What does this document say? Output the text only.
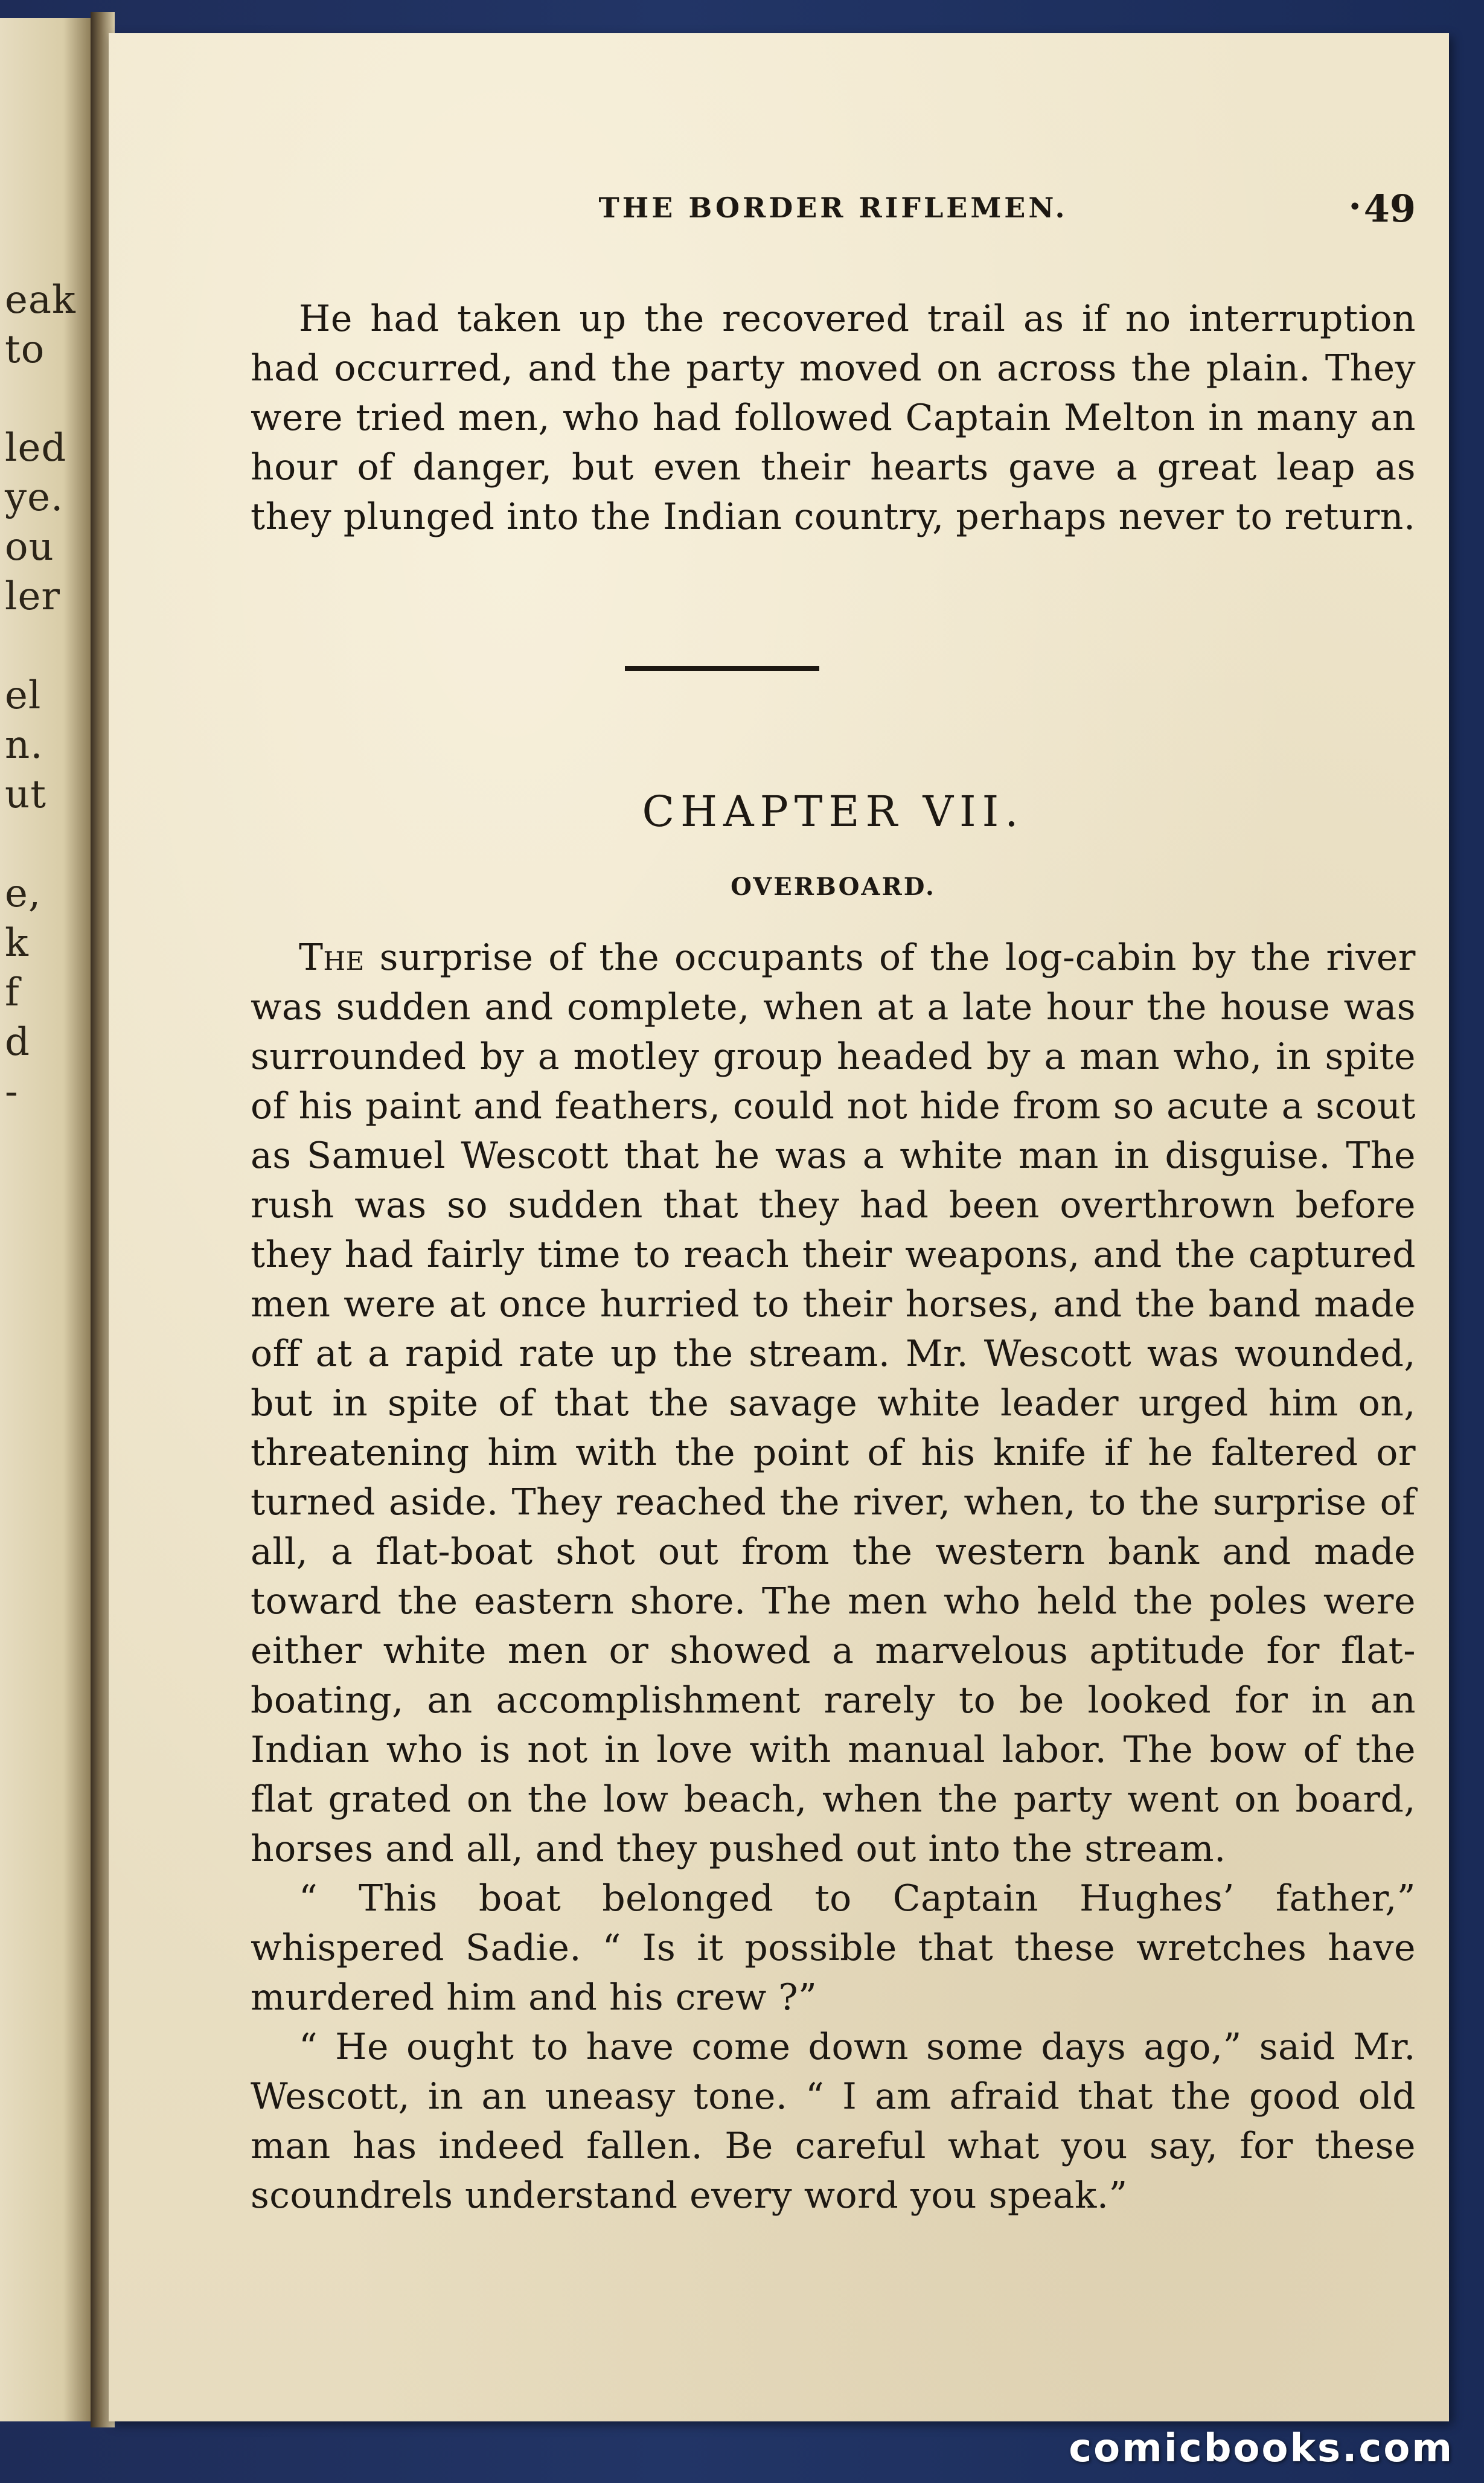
eak
to
led
ye.
ou
ler
el
n.
ut
e,
k
f
d
-
THE BORDER RIFLEMEN.
·	49

He had taken up the recovered trail as if no interruption had occurred, and the party moved on across the plain. They were tried men, who had followed Captain Melton in many an hour of danger, but even their hearts gave a great leap as they plunged into the Indian country, perhaps never to return.

CHAPTER VII.
OVERBOARD.

The surprise of the occupants of the log-cabin by the river was sudden and complete, when at a late hour the house was surrounded by a motley group headed by a man who, in spite of his paint and feathers, could not hide from so acute a scout as Samuel Wescott that he was a white man in disguise. The rush was so sudden that they had been overthrown before they had fairly time to reach their weapons, and the captured men were at once hurried to their horses, and the band made off at a rapid rate up the stream. Mr. Wescott was wounded, but in spite of that the savage white leader urged him on, threatening him with the point of his knife if he faltered or turned aside. They reached the river, when, to the surprise of all, a flat-boat shot out from the western bank and made toward the eastern shore. The men who held the poles were either white men or showed a marvelous aptitude for flat-boating, an accomplishment rarely to be looked for in an Indian who is not in love with manual labor. The bow of the flat grated on the low beach, when the party went on board, horses and all, and they pushed out into the stream.

“ This boat belonged to Captain Hughes’ father,” whispered Sadie. “ Is it possible that these wretches have murdered him and his crew ?”

“ He ought to have come down some days ago,” said Mr. Wescott, in an uneasy tone. “ I am afraid that the good old man has indeed fallen. Be careful what you say, for these scoundrels understand every word you speak.”

comicbooks.com
